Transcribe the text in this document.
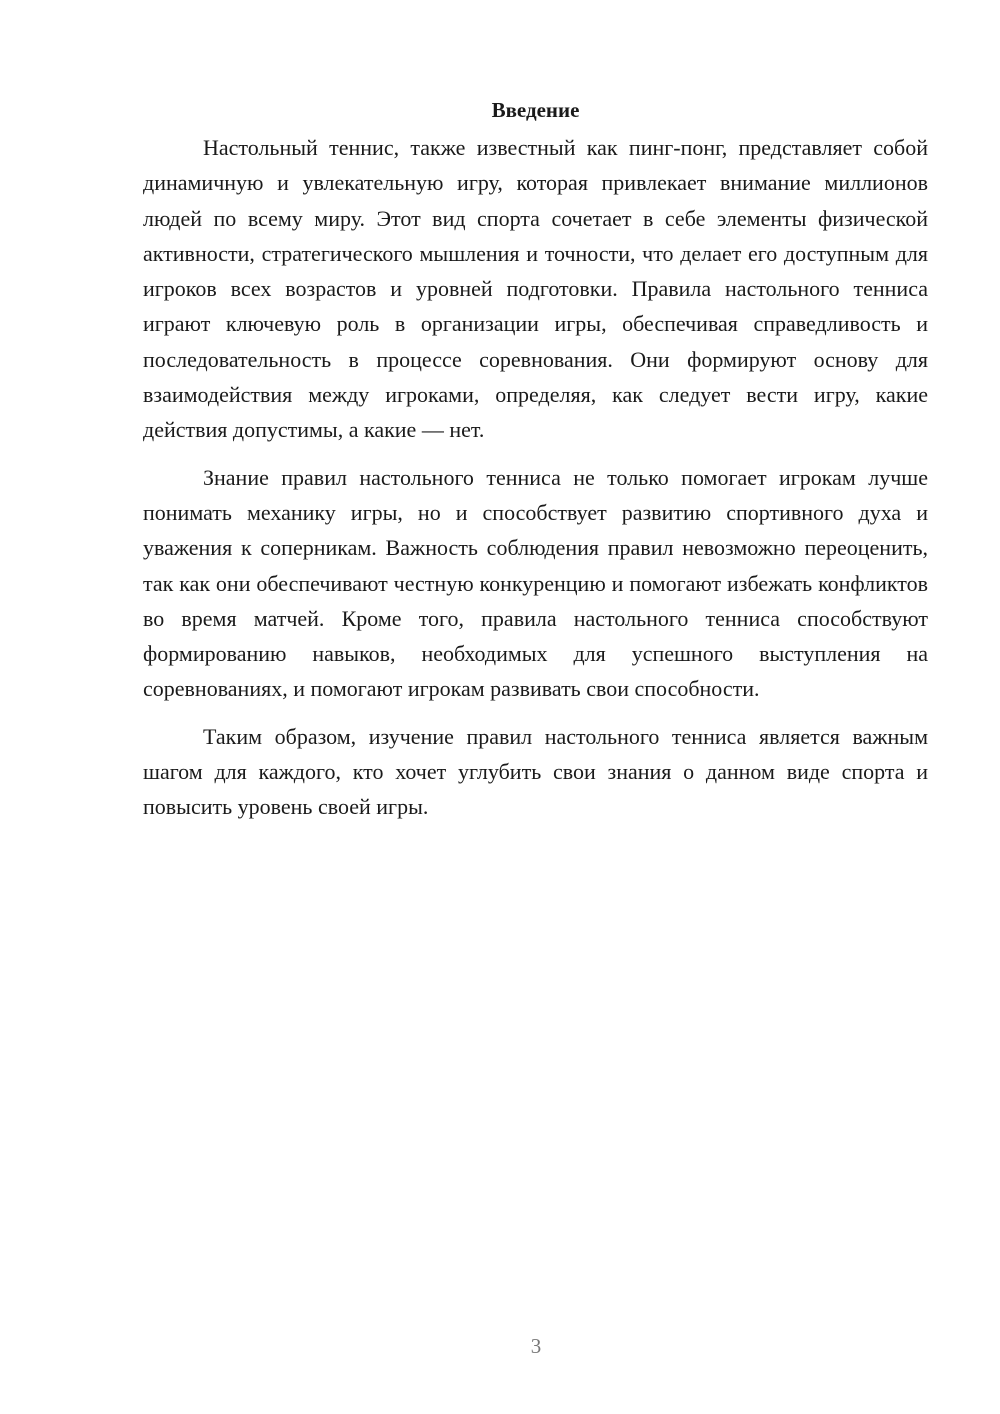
Введение

Настольный теннис, также известный как пинг-понг, представляет собой динамичную и увлекательную игру, которая привлекает внимание миллионов людей по всему миру. Этот вид спорта сочетает в себе элементы физической активности, стратегического мышления и точности, что делает его доступным для игроков всех возрастов и уровней подготовки. Правила настольного тенниса играют ключевую роль в организации игры, обеспечивая справедливость и последовательность в процессе соревнования. Они формируют основу для взаимодействия между игроками, определяя, как следует вести игру, какие действия допустимы, а какие — нет.

Знание правил настольного тенниса не только помогает игрокам лучше понимать механику игры, но и способствует развитию спортивного духа и уважения к соперникам. Важность соблюдения правил невозможно переоценить, так как они обеспечивают честную конкуренцию и помогают избежать конфликтов во время матчей. Кроме того, правила настольного тенниса способствуют формированию навыков, необходимых для успешного выступления на соревнованиях, и помогают игрокам развивать свои способности.

Таким образом, изучение правил настольного тенниса является важным шагом для каждого, кто хочет углубить свои знания о данном виде спорта и повысить уровень своей игры.

3
